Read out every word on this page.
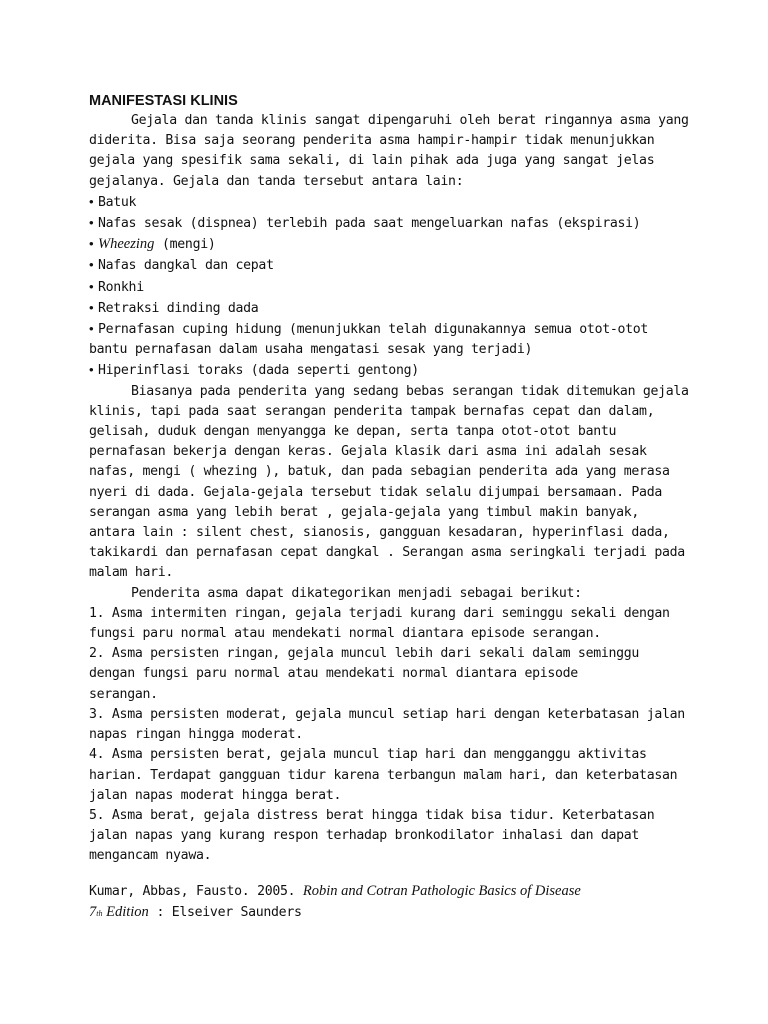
MANIFESTASI KLINIS

Gejala dan tanda klinis sangat dipengaruhi oleh berat ringannya asma yang diderita. Bisa saja seorang penderita asma hampir-hampir tidak menunjukkan gejala yang spesifik sama sekali, di lain pihak ada juga yang sangat jelas gejalanya. Gejala dan tanda tersebut antara lain:

• Batuk
• Nafas sesak (dispnea) terlebih pada saat mengeluarkan nafas (ekspirasi)
• Wheezing (mengi)
• Nafas dangkal dan cepat
• Ronkhi
• Retraksi dinding dada
• Pernafasan cuping hidung (menunjukkan telah digunakannya semua otot-otot bantu pernafasan dalam usaha mengatasi sesak yang terjadi)
• Hiperinflasi toraks (dada seperti gentong)

Biasanya pada penderita yang sedang bebas serangan tidak ditemukan gejala klinis, tapi pada saat serangan penderita tampak bernafas cepat dan dalam, gelisah, duduk dengan menyangga ke depan, serta tanpa otot-otot bantu pernafasan bekerja dengan keras. Gejala klasik dari asma ini adalah sesak nafas, mengi ( whezing ), batuk, dan pada sebagian penderita ada yang merasa nyeri di dada. Gejala-gejala tersebut tidak selalu dijumpai bersamaan. Pada serangan asma yang lebih berat , gejala-gejala yang timbul makin banyak, antara lain : silent chest, sianosis, gangguan kesadaran, hyperinflasi dada, takikardi dan pernafasan cepat dangkal . Serangan asma seringkali terjadi pada malam hari.

Penderita asma dapat dikategorikan menjadi sebagai berikut:

1. Asma intermiten ringan, gejala terjadi kurang dari seminggu sekali dengan fungsi paru normal atau mendekati normal diantara episode serangan.
2. Asma persisten ringan, gejala muncul lebih dari sekali dalam seminggu dengan fungsi paru normal atau mendekati normal diantara episode
serangan.
3. Asma persisten moderat, gejala muncul setiap hari dengan keterbatasan jalan napas ringan hingga moderat.
4. Asma persisten berat, gejala muncul tiap hari dan mengganggu aktivitas harian. Terdapat gangguan tidur karena terbangun malam hari, dan keterbatasan jalan napas moderat hingga berat.
5. Asma berat, gejala distress berat hingga tidak bisa tidur. Keterbatasan jalan napas yang kurang respon terhadap bronkodilator inhalasi dan dapat mengancam nyawa.
Kumar, Abbas, Fausto. 2005. Robin and Cotran Pathologic Basics of Disease
7th Edition : Elseiver Saunders
